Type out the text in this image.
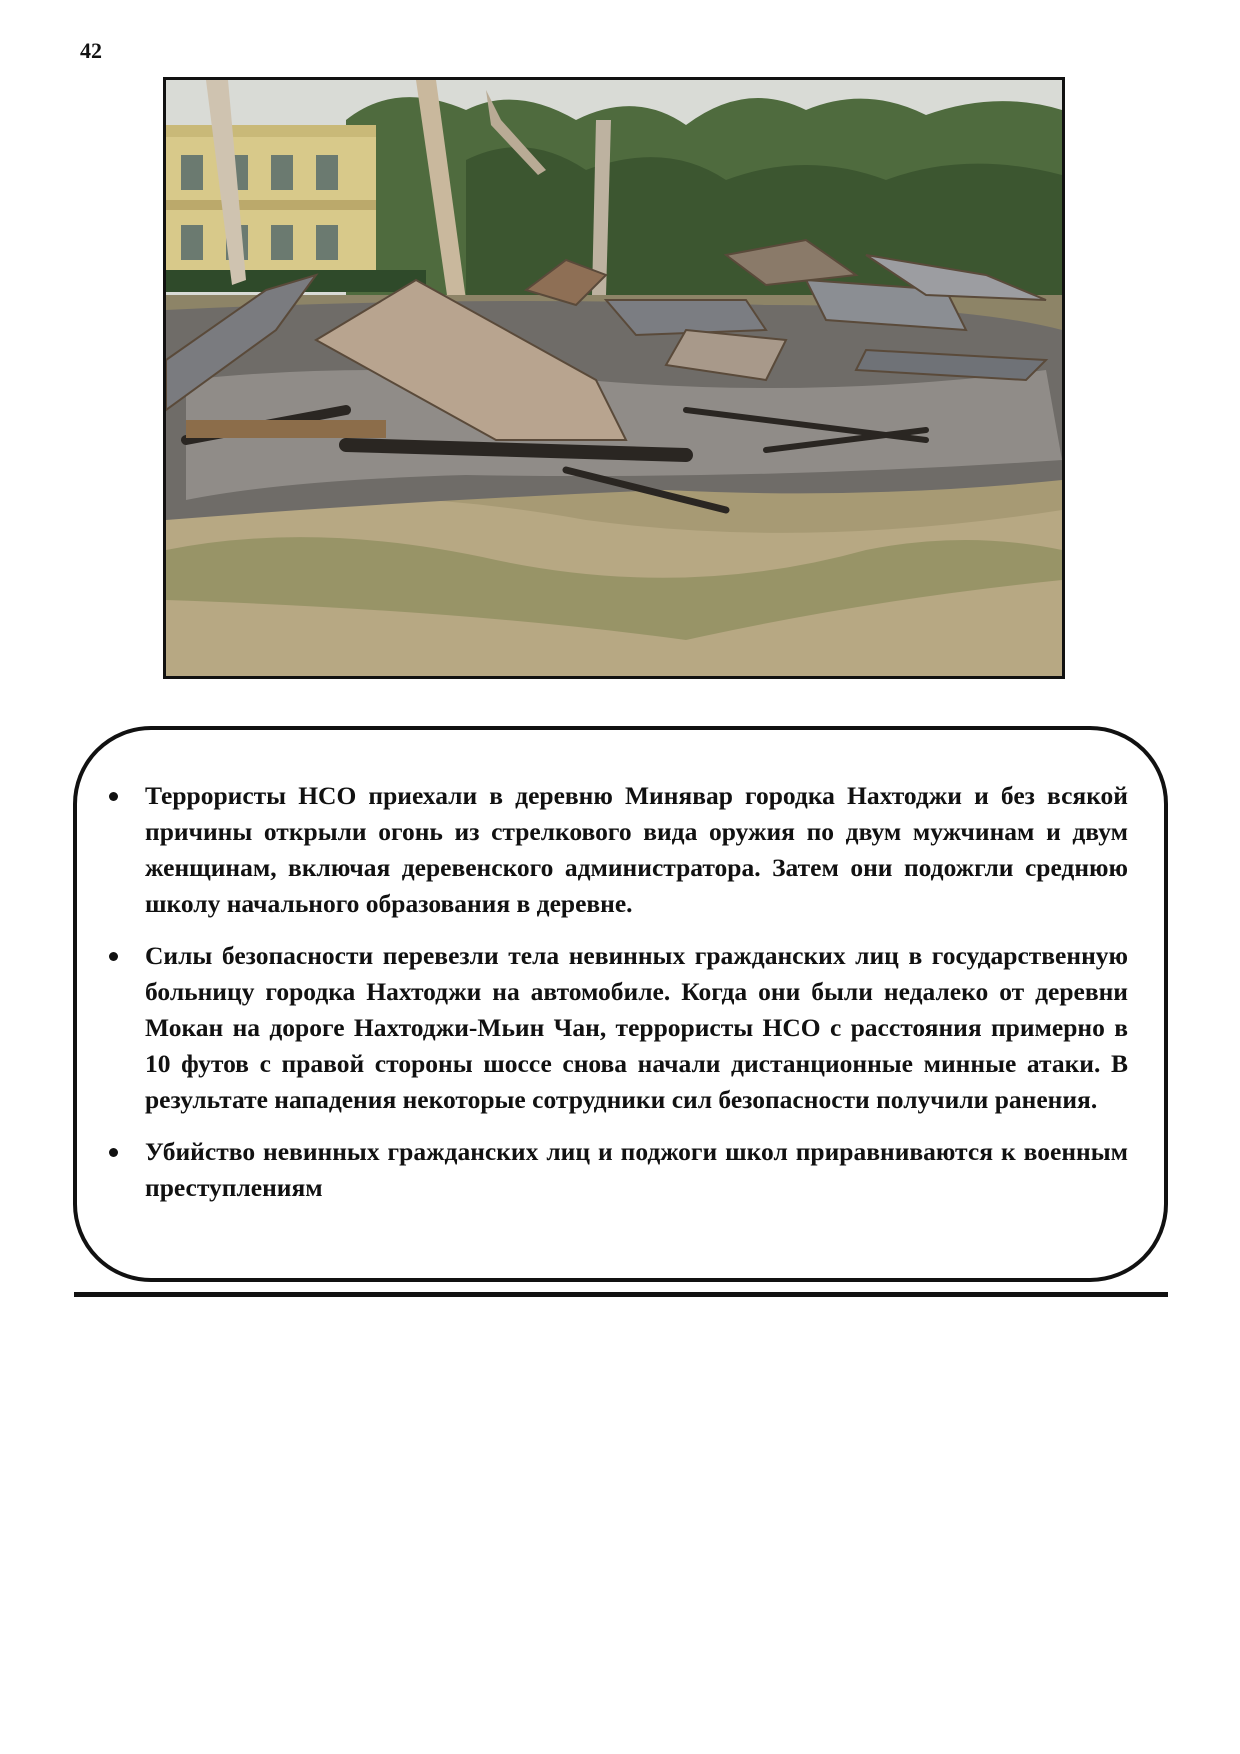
42
Террористы НСО приехали в деревню Минявар городка Нахтоджи и без всякой причины открыли огонь из стрелкового вида оружия по двум мужчинам и двум женщинам, включая деревенского администратора. Затем они подожгли среднюю школу начального образования в деревне.
Силы безопасности перевезли тела невинных гражданских лиц в государственную больницу городка Нахтоджи на автомобиле. Когда они были недалеко от деревни Мокан на дороге Нахтоджи-Мьин Чан, террористы НСО с расстояния примерно в 10 футов с правой стороны шоссе снова начали дистанционные минные атаки. В результате нападения некоторые сотрудники сил безопасности получили ранения.
Убийство невинных гражданских лиц и поджоги школ приравниваются к военным преступлениям
